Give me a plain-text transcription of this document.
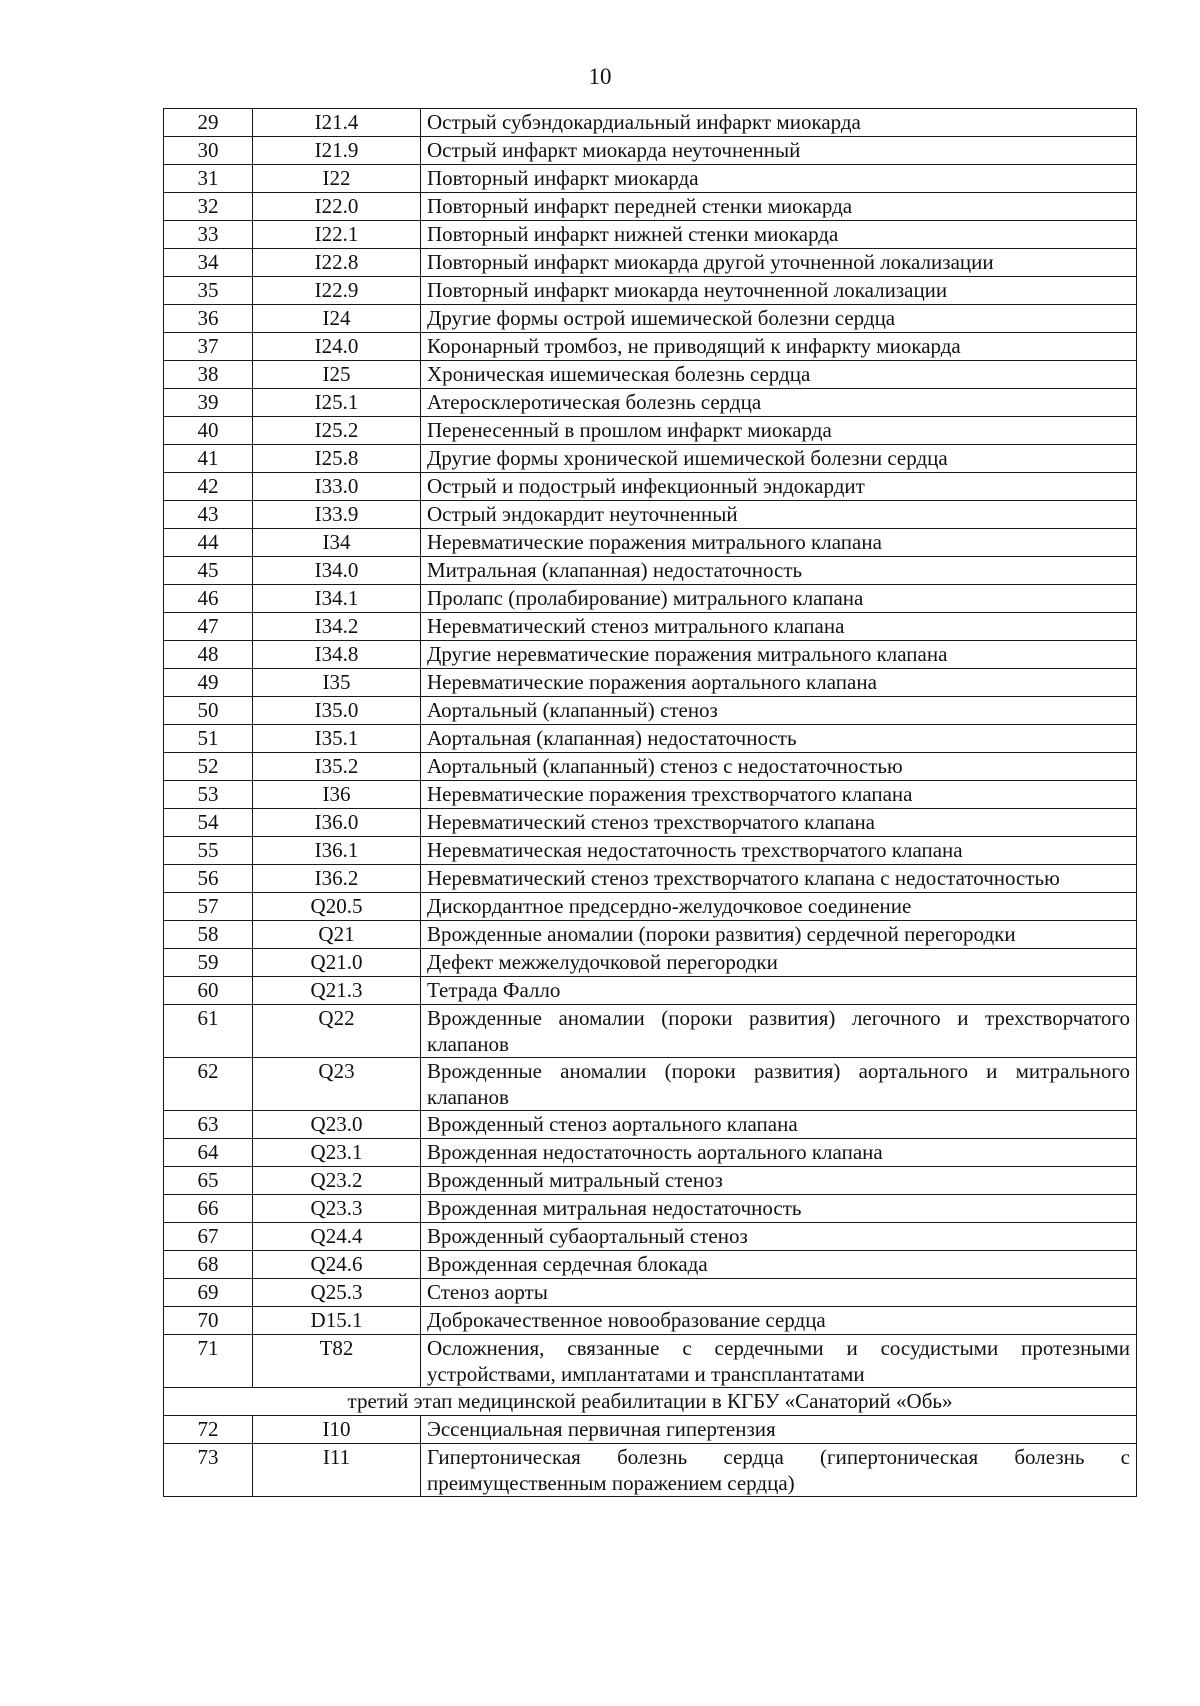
10
29	I21.4	Острый субэндокардиальный инфаркт миокарда
30	I21.9	Острый инфаркт миокарда неуточненный
31	I22	Повторный инфаркт миокарда
32	I22.0	Повторный инфаркт передней стенки миокарда
33	I22.1	Повторный инфаркт нижней стенки миокарда
34	I22.8	Повторный инфаркт миокарда другой уточненной локализации
35	I22.9	Повторный инфаркт миокарда неуточненной локализации
36	I24	Другие формы острой ишемической болезни сердца
37	I24.0	Коронарный тромбоз, не приводящий к инфаркту миокарда
38	I25	Хроническая ишемическая болезнь сердца
39	I25.1	Атеросклеротическая болезнь сердца
40	I25.2	Перенесенный в прошлом инфаркт миокарда
41	I25.8	Другие формы хронической ишемической болезни сердца
42	I33.0	Острый и подострый инфекционный эндокардит
43	I33.9	Острый эндокардит неуточненный
44	I34	Неревматические поражения митрального клапана
45	I34.0	Митральная (клапанная) недостаточность
46	I34.1	Пролапс (пролабирование) митрального клапана
47	I34.2	Неревматический стеноз митрального клапана
48	I34.8	Другие неревматические поражения митрального клапана
49	I35	Неревматические поражения аортального клапана
50	I35.0	Аортальный (клапанный) стеноз
51	I35.1	Аортальная (клапанная) недостаточность
52	I35.2	Аортальный (клапанный) стеноз с недостаточностью
53	I36	Неревматические поражения трехстворчатого клапана
54	I36.0	Неревматический стеноз трехстворчатого клапана
55	I36.1	Неревматическая недостаточность трехстворчатого клапана
56	I36.2	Неревматический стеноз трехстворчатого клапана с недостаточностью
57	Q20.5	Дискордантное предсердно-желудочковое соединение
58	Q21	Врожденные аномалии (пороки развития) сердечной перегородки
59	Q21.0	Дефект межжелудочковой перегородки
60	Q21.3	Тетрада Фалло
61	Q22	Врожденные аномалии (пороки развития) легочного и трехстворчатого клапанов
62	Q23	Врожденные аномалии (пороки развития) аортального и митрального клапанов
63	Q23.0	Врожденный стеноз аортального клапана
64	Q23.1	Врожденная недостаточность аортального клапана
65	Q23.2	Врожденный митральный стеноз
66	Q23.3	Врожденная митральная недостаточность
67	Q24.4	Врожденный субаортальный стеноз
68	Q24.6	Врожденная сердечная блокада
69	Q25.3	Стеноз аорты
70	D15.1	Доброкачественное новообразование сердца
71	T82	Осложнения, связанные с сердечными и сосудистыми протезными устройствами, имплантатами и трансплантатами
третий этап медицинской реабилитации в КГБУ «Санаторий «Обь»		
72	I10	Эссенциальная первичная гипертензия
73	I11	Гипертоническая болезнь сердца (гипертоническая болезнь с преимущественным поражением сердца)
